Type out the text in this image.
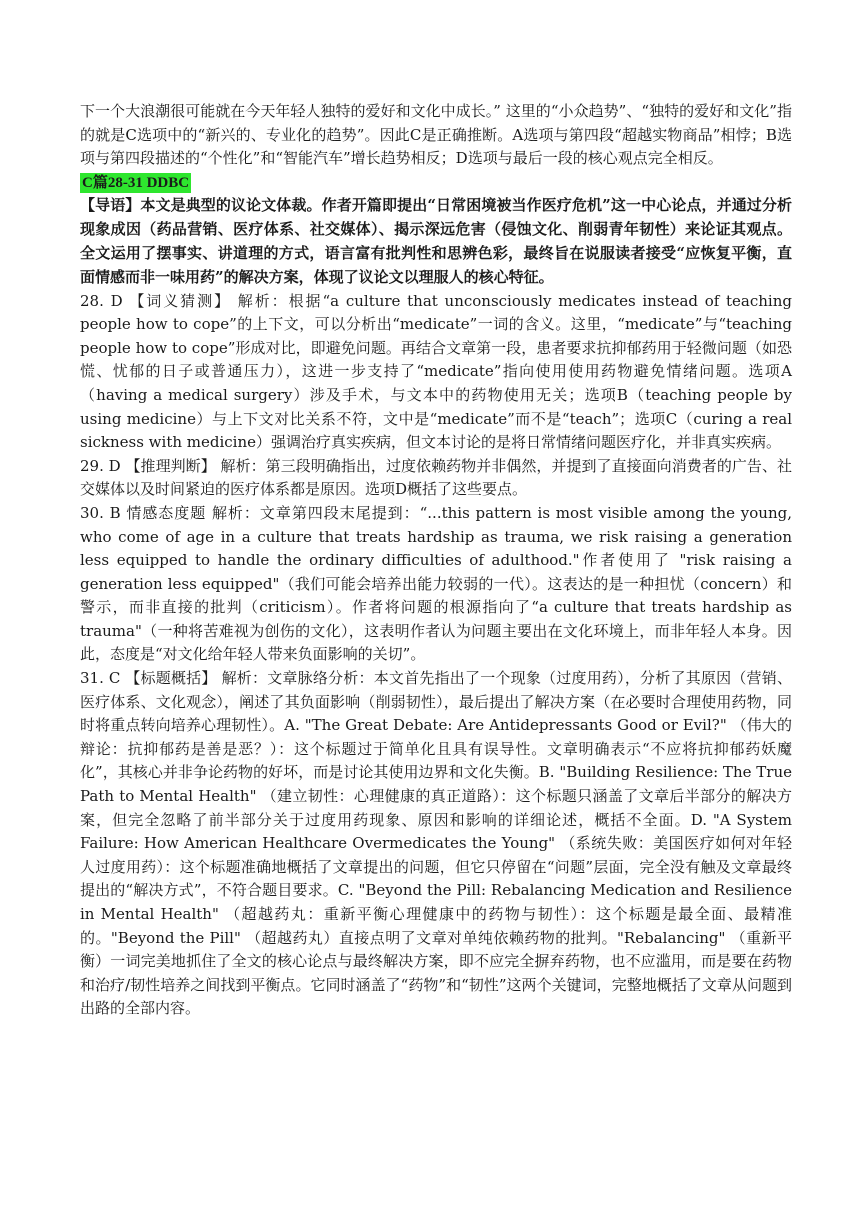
下一个大浪潮很可能就在今天年轻人独特的爱好和文化中成长。” 这里的“小众趋势”、“独特的爱好和文化”指的就是C选项中的“新兴的、专业化的趋势”。因此C是正确推断。A选项与第四段“超越实物商品”相悖；B选项与第四段描述的“个性化”和“智能汽车”增长趋势相反；D选项与最后一段的核心观点完全相反。

C篇28-31 DDBC

【导语】本文是典型的议论文体裁。作者开篇即提出“日常困境被当作医疗危机”这一中心论点，并通过分析现象成因（药品营销、医疗体系、社交媒体）、揭示深远危害（侵蚀文化、削弱青年韧性）来论证其观点。全文运用了摆事实、讲道理的方式，语言富有批判性和思辨色彩，最终旨在说服读者接受“应恢复平衡，直面情感而非一味用药”的解决方案，体现了议论文以理服人的核心特征。

28. D 【词义猜测】 解析：根据“a culture that unconsciously medicates instead of teaching people how to cope”的上下文，可以分析出“medicate”一词的含义。这里，“medicate”与“teaching people how to cope”形成对比，即避免问题。再结合文章第一段，患者要求抗抑郁药用于轻微问题（如恐慌、忧郁的日子或普通压力），这进一步支持了“medicate”指向使用使用药物避免情绪问题。选项A（having a medical surgery）涉及手术，与文本中的药物使用无关；选项B（teaching people by using medicine）与上下文对比关系不符，文中是“medicate”而不是“teach”；选项C（curing a real sickness with medicine）强调治疗真实疾病，但文本讨论的是将日常情绪问题医疗化，并非真实疾病。

29. D 【推理判断】 解析：第三段明确指出，过度依赖药物并非偶然，并提到了直接面向消费者的广告、社交媒体以及时间紧迫的医疗体系都是原因。选项D概括了这些要点。

30. B 情感态度题 解析：文章第四段末尾提到：“...this pattern is most visible among the young, who come of age in a culture that treats hardship as trauma, we risk raising a generation less equipped to handle the ordinary difficulties of adulthood."作者使用了 "risk raising a generation less equipped"（我们可能会培养出能力较弱的一代）。这表达的是一种担忧（concern）和警示，而非直接的批判（criticism）。作者将问题的根源指向了“a culture that treats hardship as trauma"（一种将苦难视为创伤的文化），这表明作者认为问题主要出在文化环境上，而非年轻人本身。因此，态度是“对文化给年轻人带来负面影响的关切”。

31. C 【标题概括】 解析：文章脉络分析：本文首先指出了一个现象（过度用药），分析了其原因（营销、医疗体系、文化观念），阐述了其负面影响（削弱韧性），最后提出了解决方案（在必要时合理使用药物，同时将重点转向培养心理韧性）。A. "The Great Debate: Are Antidepressants Good or Evil?" （伟大的辩论：抗抑郁药是善是恶？）：这个标题过于简单化且具有误导性。文章明确表示“不应将抗抑郁药妖魔化”，其核心并非争论药物的好坏，而是讨论其使用边界和文化失衡。B. "Building Resilience: The True Path to Mental Health" （建立韧性：心理健康的真正道路）：这个标题只涵盖了文章后半部分的解决方案，但完全忽略了前半部分关于过度用药现象、原因和影响的详细论述，概括不全面。D. "A System Failure: How American Healthcare Overmedicates the Young" （系统失败：美国医疗如何对年轻人过度用药）：这个标题准确地概括了文章提出的问题，但它只停留在“问题”层面，完全没有触及文章最终提出的“解决方式”，不符合题目要求。C. "Beyond the Pill: Rebalancing Medication and Resilience in Mental Health" （超越药丸：重新平衡心理健康中的药物与韧性）：这个标题是最全面、最精准的。"Beyond the Pill" （超越药丸）直接点明了文章对单纯依赖药物的批判。"Rebalancing" （重新平衡）一词完美地抓住了全文的核心论点与最终解决方案，即不应完全摒弃药物，也不应滥用，而是要在药物和治疗/韧性培养之间找到平衡点。它同时涵盖了“药物”和“韧性”这两个关键词，完整地概括了文章从问题到出路的全部内容。
